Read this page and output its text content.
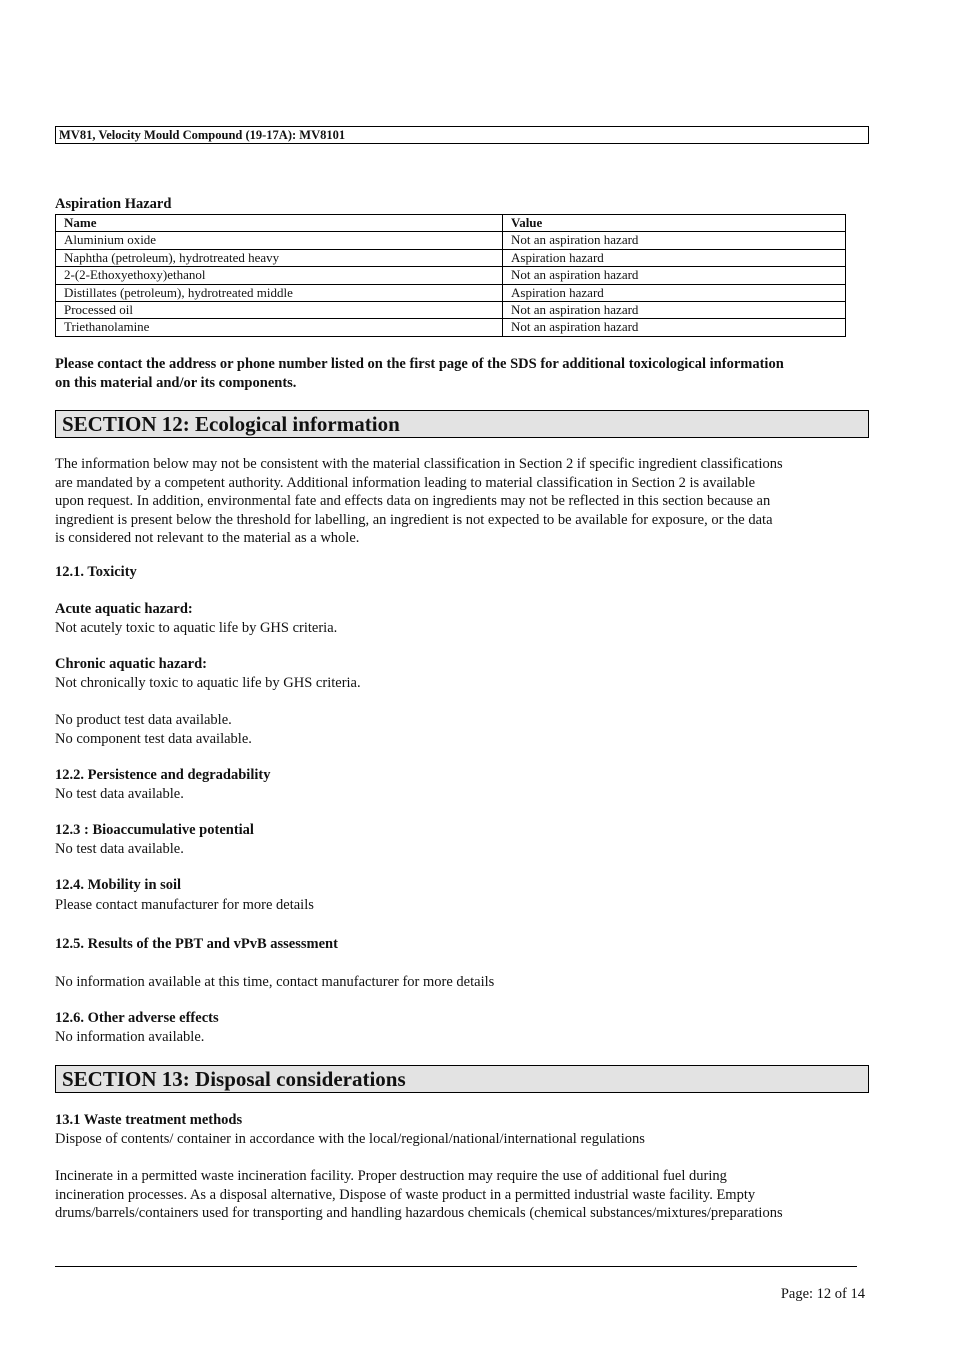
MV81, Velocity Mould Compound (19-17A): MV8101
Aspiration Hazard
Name	Value
Aluminium oxide	Not an aspiration hazard
Naphtha (petroleum), hydrotreated heavy	Aspiration hazard
2-(2-Ethoxyethoxy)ethanol	Not an aspiration hazard
Distillates (petroleum), hydrotreated middle	Aspiration hazard
Processed oil	Not an aspiration hazard
Triethanolamine	Not an aspiration hazard
Please contact the address or phone number listed on the first page of the SDS for additional toxicological information
on this material and/or its components.
SECTION 12: Ecological information
The information below may not be consistent with the material classification in Section 2 if specific ingredient classifications
are mandated by a competent authority. Additional information leading to material classification in Section 2 is available
upon request. In addition, environmental fate and effects data on ingredients may not be reflected in this section because an
ingredient is present below the threshold for labelling, an ingredient is not expected to be available for exposure, or the data
is considered not relevant to the material as a whole.
12.1. Toxicity
Acute aquatic hazard:
Not acutely toxic to aquatic life by GHS criteria.
Chronic aquatic hazard:
Not chronically toxic to aquatic life by GHS criteria.
No product test data available.
No component test data available.
12.2. Persistence and degradability
No test data available.
12.3 : Bioaccumulative potential
No test data available.
12.4. Mobility in soil
Please contact manufacturer for more details
12.5. Results of the PBT and vPvB assessment
No information available at this time, contact manufacturer for more details
12.6. Other adverse effects
No information available.
SECTION 13: Disposal considerations
13.1 Waste treatment methods
Dispose of contents/ container in accordance with the local/regional/national/international regulations
Incinerate in a permitted waste incineration facility. Proper destruction may require the use of additional fuel during
incineration processes. As a disposal alternative, Dispose of waste product in a permitted industrial waste facility. Empty
drums/barrels/containers used for transporting and handling hazardous chemicals (chemical substances/mixtures/preparations
Page: 12 of 14
